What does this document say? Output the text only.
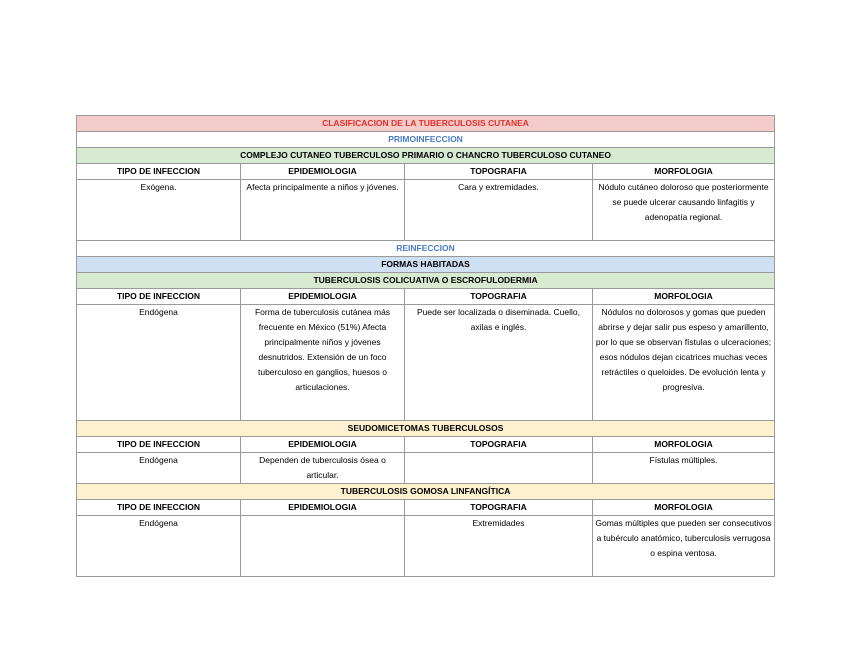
CLASIFICACION DE LA TUBERCULOSIS CUTANEA			
PRIMOINFECCION			
COMPLEJO CUTANEO TUBERCULOSO PRIMARIO O CHANCRO TUBERCULOSO CUTANEO			
TIPO DE INFECCION	EPIDEMIOLOGIA	TOPOGRAFIA	MORFOLOGIA
Exógena.	Afecta principalmente a niños y jóvenes.	Cara y extremidades.	Nódulo cutáneo doloroso que posteriormente se puede ulcerar causando linfagitis y adenopatía regional.
REINFECCION			
FORMAS HABITADAS			
TUBERCULOSIS COLICUATIVA O ESCROFULODERMIA			
TIPO DE INFECCION	EPIDEMIOLOGIA	TOPOGRAFIA	MORFOLOGIA
Endógena	Forma de tuberculosis cutánea más frecuente en México (51%) Afecta principalmente niños y jóvenes desnutridos. Extensión de un foco tuberculoso en ganglios, huesos o articulaciones.	Puede ser localizada o diseminada. Cuello, axilas e inglés.	Nódulos no dolorosos y gomas que pueden abrirse y dejar salir pus espeso y amarillento, por lo que se observan fístulas o ulceraciones; esos nódulos dejan cicatrices muchas veces retráctiles o queloides. De evolución lenta y progresiva.
SEUDOMICETOMAS TUBERCULOSOS			
TIPO DE INFECCION	EPIDEMIOLOGIA	TOPOGRAFIA	MORFOLOGIA
Endógena	Dependen de tuberculosis ósea o articular.		Fístulas múltiples.
TUBERCULOSIS GOMOSA LINFANGÍTICA			
TIPO DE INFECCION	EPIDEMIOLOGIA	TOPOGRAFIA	MORFOLOGIA
Endógena		Extremidades	Gomas múltiples que pueden ser consecutivos a tubérculo anatómico, tuberculosis verrugosa o espina ventosa.
